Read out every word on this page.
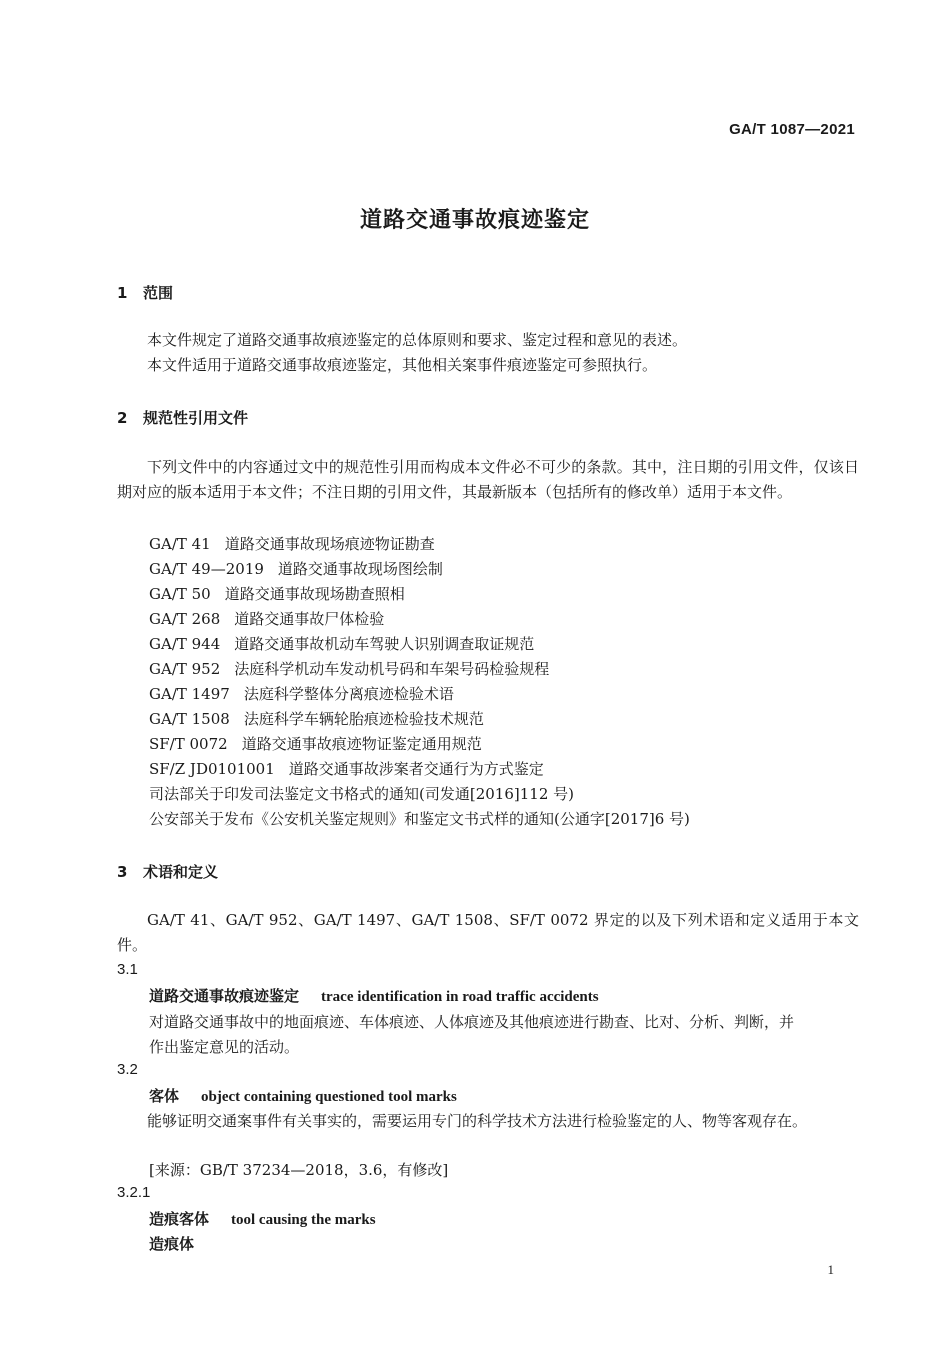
GA/T 1087—2021
道路交通事故痕迹鉴定
1 范围

本文件规定了道路交通事故痕迹鉴定的总体原则和要求、鉴定过程和意见的表述。

本文件适用于道路交通事故痕迹鉴定，其他相关案事件痕迹鉴定可参照执行。

2 规范性引用文件

下列文件中的内容通过文中的规范性引用而构成本文件必不可少的条款。其中，注日期的引用文件，仅该日期对应的版本适用于本文件；不注日期的引用文件，其最新版本（包括所有的修改单）适用于本文件。

GA/T 41 道路交通事故现场痕迹物证勘查
GA/T 49—2019 道路交通事故现场图绘制
GA/T 50 道路交通事故现场勘查照相
GA/T 268 道路交通事故尸体检验
GA/T 944 道路交通事故机动车驾驶人识别调查取证规范
GA/T 952 法庭科学机动车发动机号码和车架号码检验规程
GA/T 1497 法庭科学整体分离痕迹检验术语
GA/T 1508 法庭科学车辆轮胎痕迹检验技术规范
SF/T 0072 道路交通事故痕迹物证鉴定通用规范
SF/Z JD0101001 道路交通事故涉案者交通行为方式鉴定
司法部关于印发司法鉴定文书格式的通知(司发通[2016]112 号)
公安部关于发布《公安机关鉴定规则》和鉴定文书式样的通知(公通字[2017]6 号)
3 术语和定义

GA/T 41、GA/T 952、GA/T 1497、GA/T 1508、SF/T 0072 界定的以及下列术语和定义适用于本文件。

3.1
道路交通事故痕迹鉴定 trace identification in road traffic accidents
对道路交通事故中的地面痕迹、车体痕迹、人体痕迹及其他痕迹进行勘查、比对、分析、判断，并
作出鉴定意见的活动。
3.2
客体 object containing questioned tool marks

能够证明交通案事件有关事实的，需要运用专门的科学技术方法进行检验鉴定的人、物等客观存在。

[来源：GB/T 37234—2018，3.6，有修改]
3.2.1
造痕客体 tool causing the marks
造痕体
1
